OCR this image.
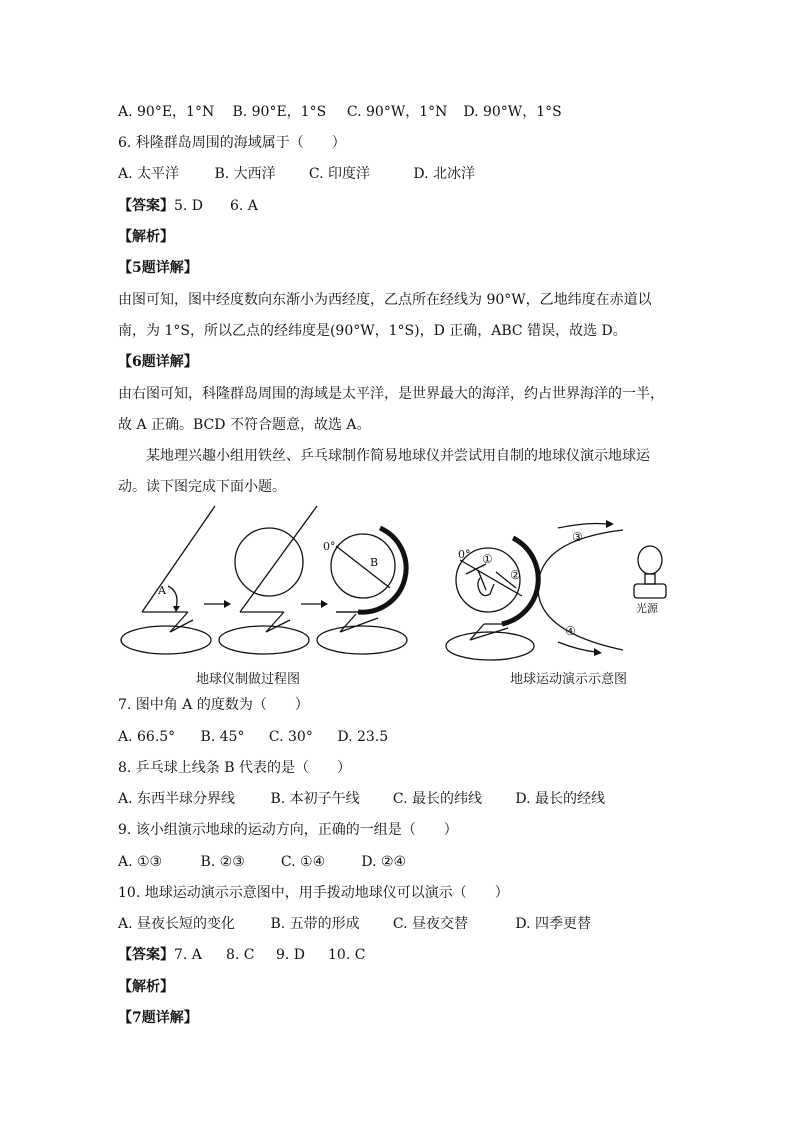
A. 90°E，1°N B. 90°E，1°S C. 90°W，1°N D. 90°W，1°S
6. 科隆群岛周围的海域属于（　　）
A. 太平洋	B. 大西洋 C. 印度洋	D. 北冰洋
【答案】5. D 6. A
【解析】
【5题详解】
由图可知，图中经度数向东渐小为西经度，乙点所在经线为 90°W，乙地纬度在赤道以
南，为 1°S，所以乙点的经纬度是(90°W，1°S)，D 正确，ABC 错误，故选 D。
【6题详解】
由右图可知，科隆群岛周围的海域是太平洋，是世界最大的海洋，约占世界海洋的一半，
故 A 正确。BCD 不符合题意，故选 A。
某地理兴趣小组用铁丝、乒乓球制作简易地球仪并尝试用自制的地球仪演示地球运
动。读下图完成下面小题。
A
B
0°
0° ①
②
③
④
光源
地球仪制做过程图	地球运动演示示意图
7. 图中角 A 的度数为（　　）
A. 66.5° B. 45° C. 30° D. 23.5
8. 乒乓球上线条 B 代表的是（　　）
A. 东西半球分界线	B. 本初子午线 C. 最长的纬线 D. 最长的经线
9. 该小组演示地球的运动方向，正确的一组是（　　）
A. ①③	B. ②③	C. ①④	D. ②④
10. 地球运动演示示意图中，用手拨动地球仪可以演示（　　）
A. 昼夜长短的变化	B. 五带的形成 C. 昼夜交替	D. 四季更替
【答案】7. A 8. C 9. D 10. C
【解析】
【7题详解】
